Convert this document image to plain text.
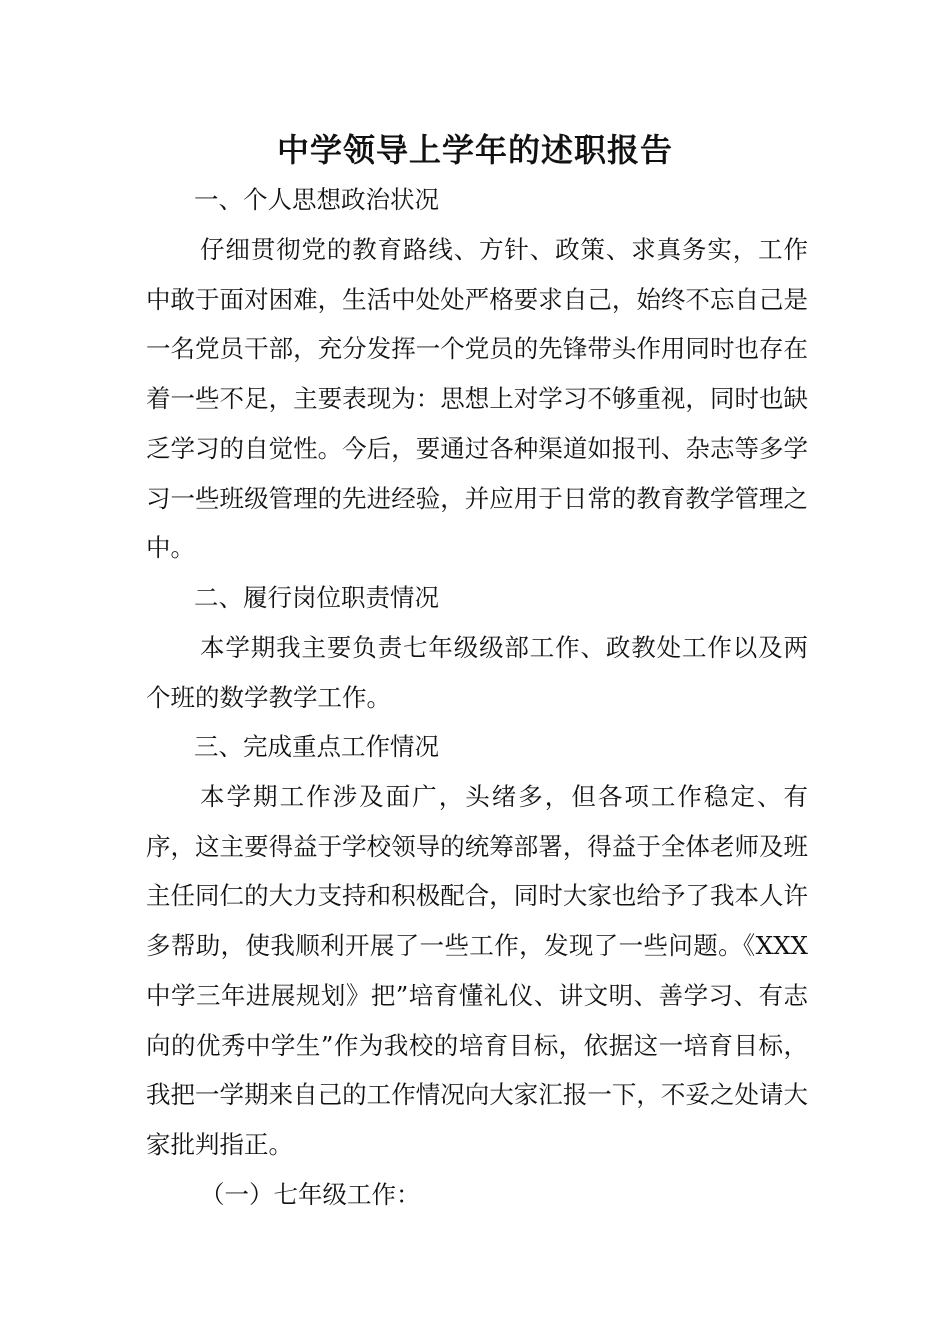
中学领导上学年的述职报告

一、个人思想政治状况

仔细贯彻党的教育路线、方针、政策、求真务实，工作中敢于面对困难，生活中处处严格要求自己，始终不忘自己是一名党员干部，充分发挥一个党员的先锋带头作用同时也存在着一些不足，主要表现为：思想上对学习不够重视，同时也缺乏学习的自觉性。今后，要通过各种渠道如报刊、杂志等多学习一些班级管理的先进经验，并应用于日常的教育教学管理之中。

二、履行岗位职责情况

本学期我主要负责七年级级部工作、政教处工作以及两个班的数学教学工作。

三、完成重点工作情况

本学期工作涉及面广，头绪多，但各项工作稳定、有序，这主要得益于学校领导的统筹部署，得益于全体老师及班主任同仁的大力支持和积极配合，同时大家也给予了我本人许多帮助，使我顺利开展了一些工作，发现了一些问题。《XXX中学三年进展规划》把”培育懂礼仪、讲文明、善学习、有志向的优秀中学生”作为我校的培育目标，依据这一培育目标，我把一学期来自己的工作情况向大家汇报一下，不妥之处请大家批判指正。

（一）七年级工作：
